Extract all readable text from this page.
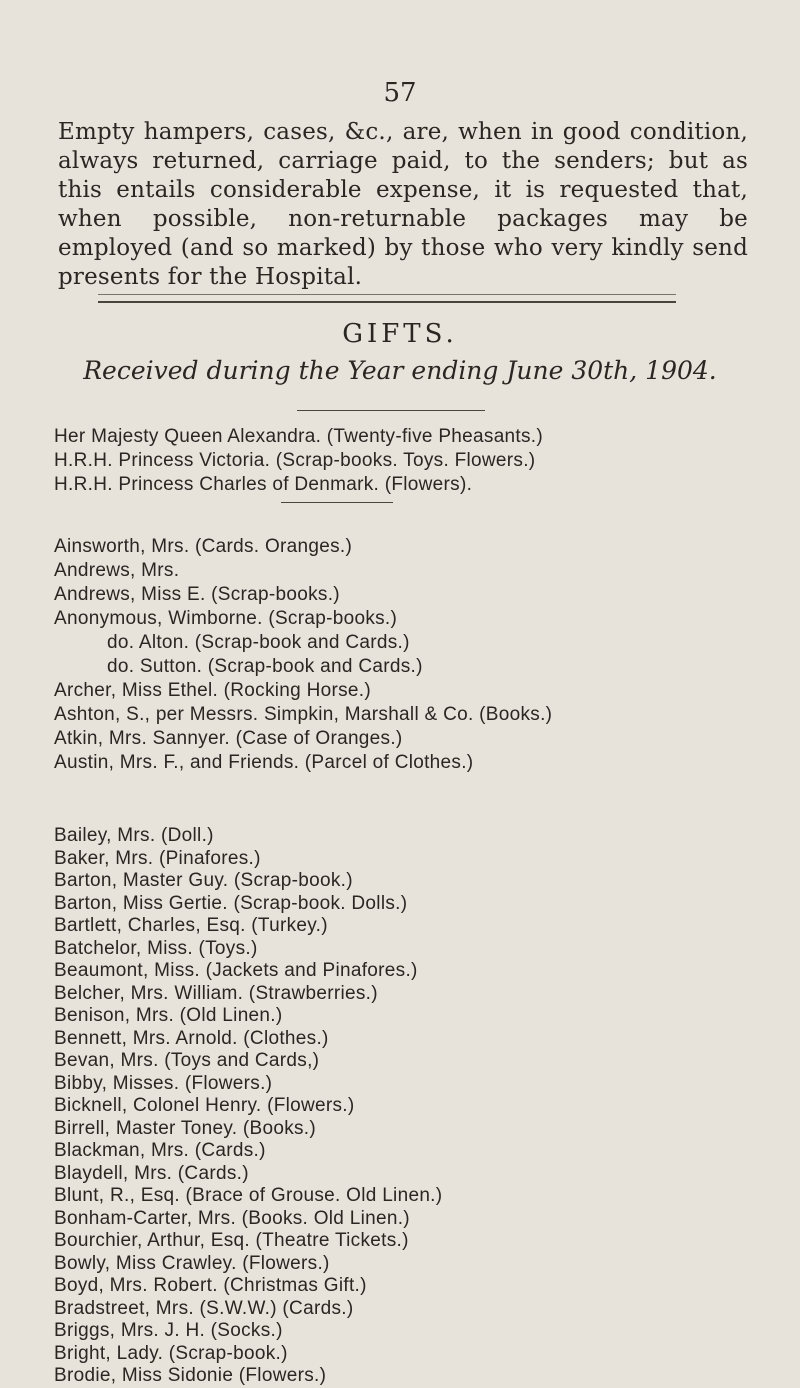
57

Empty hampers, cases, &c., are, when in good condition, always returned, carriage paid, to the senders; but as this entails considerable expense, it is requested that, when possible, non-returnable packages may be employed (and so marked) by those who very kindly send presents for the Hospital.

GIFTS.
Received during the Year ending June 30th, 1904.
Her Majesty Queen Alexandra. (Twenty-five Pheasants.)
H.R.H. Princess Victoria. (Scrap-books. Toys. Flowers.)
H.R.H. Princess Charles of Denmark. (Flowers).
Ainsworth, Mrs. (Cards. Oranges.)
Andrews, Mrs.
Andrews, Miss E. (Scrap-books.)
Anonymous, Wimborne. (Scrap-books.)
do. Alton. (Scrap-book and Cards.)
do. Sutton. (Scrap-book and Cards.)
Archer, Miss Ethel. (Rocking Horse.)
Ashton, S., per Messrs. Simpkin, Marshall & Co. (Books.)
Atkin, Mrs. Sannyer. (Case of Oranges.)
Austin, Mrs. F., and Friends. (Parcel of Clothes.)
Bailey, Mrs. (Doll.)
Baker, Mrs. (Pinafores.)
Barton, Master Guy. (Scrap-book.)
Barton, Miss Gertie. (Scrap-book. Dolls.)
Bartlett, Charles, Esq. (Turkey.)
Batchelor, Miss. (Toys.)
Beaumont, Miss. (Jackets and Pinafores.)
Belcher, Mrs. William. (Strawberries.)
Benison, Mrs. (Old Linen.)
Bennett, Mrs. Arnold. (Clothes.)
Bevan, Mrs. (Toys and Cards,)
Bibby, Misses. (Flowers.)
Bicknell, Colonel Henry. (Flowers.)
Birrell, Master Toney. (Books.)
Blackman, Mrs. (Cards.)
Blaydell, Mrs. (Cards.)
Blunt, R., Esq. (Brace of Grouse. Old Linen.)
Bonham-Carter, Mrs. (Books. Old Linen.)
Bourchier, Arthur, Esq. (Theatre Tickets.)
Bowly, Miss Crawley. (Flowers.)
Boyd, Mrs. Robert. (Christmas Gift.)
Bradstreet, Mrs. (S.W.W.) (Cards.)
Briggs, Mrs. J. H. (Socks.)
Bright, Lady. (Scrap-book.)
Brodie, Miss Sidonie (Flowers.)
